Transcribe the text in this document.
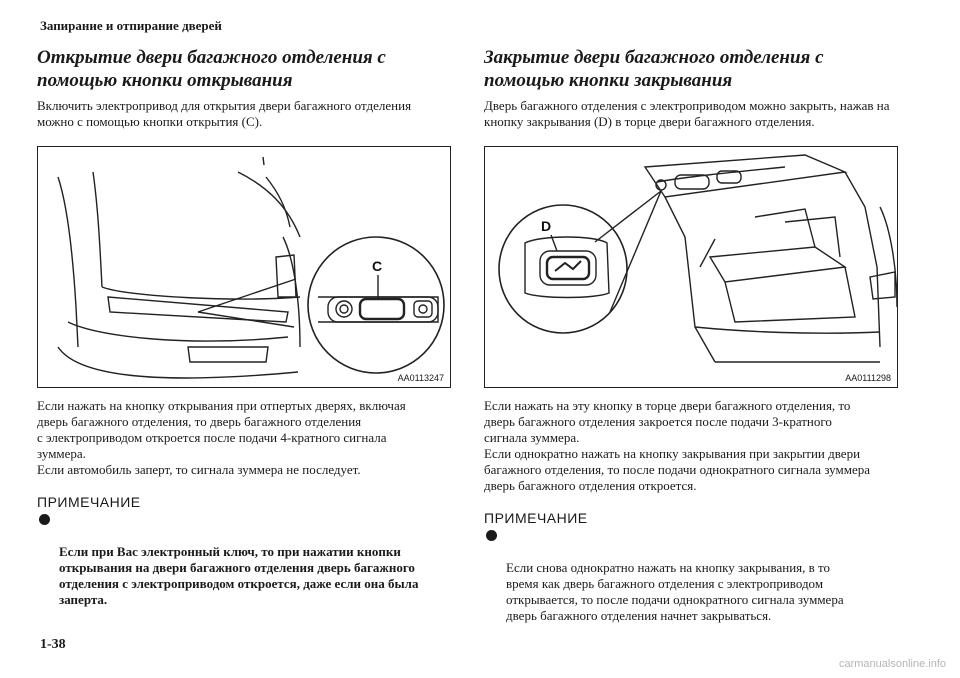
Запирание и отпирание дверей
Открытие двери багажного отделения с помощью кнопки открывания

Включить электропривод для открытия двери багажного отделения можно с помощью кнопки открытия (C).

C
AA0113247

Если нажать на кнопку открывания при отпертых дверях, включая
дверь багажного отделения, то дверь багажного отделения
с электроприводом откроется после подачи 4-кратного сигнала
зуммера.
Если автомобиль заперт, то сигнала зуммера не последует.

ПРИМЕЧАНИЕ

Если при Вас электронный ключ, то при нажатии кнопки
открывания на двери багажного отделения дверь багажного
отделения с электроприводом откроется, даже если она была
заперта.

Закрытие двери багажного отделения с помощью кнопки закрывания

Дверь багажного отделения с электроприводом можно закрыть, нажав на кнопку закрывания (D) в торце двери багажного отделения.

D
AA0111298

Если нажать на эту кнопку в торце двери багажного отделения, то
дверь багажного отделения закроется после подачи 3-кратного
сигнала зуммера.
Если однократно нажать на кнопку закрывания при закрытии двери
багажного отделения, то после подачи однократного сигнала зуммера
дверь багажного отделения откроется.

ПРИМЕЧАНИЕ

Если снова однократно нажать на кнопку закрывания, в то
время как дверь багажного отделения с электроприводом
открывается, то после подачи однократного сигнала зуммера
дверь багажного отделения начнет закрываться.

1-38
carmanualsonline.info
